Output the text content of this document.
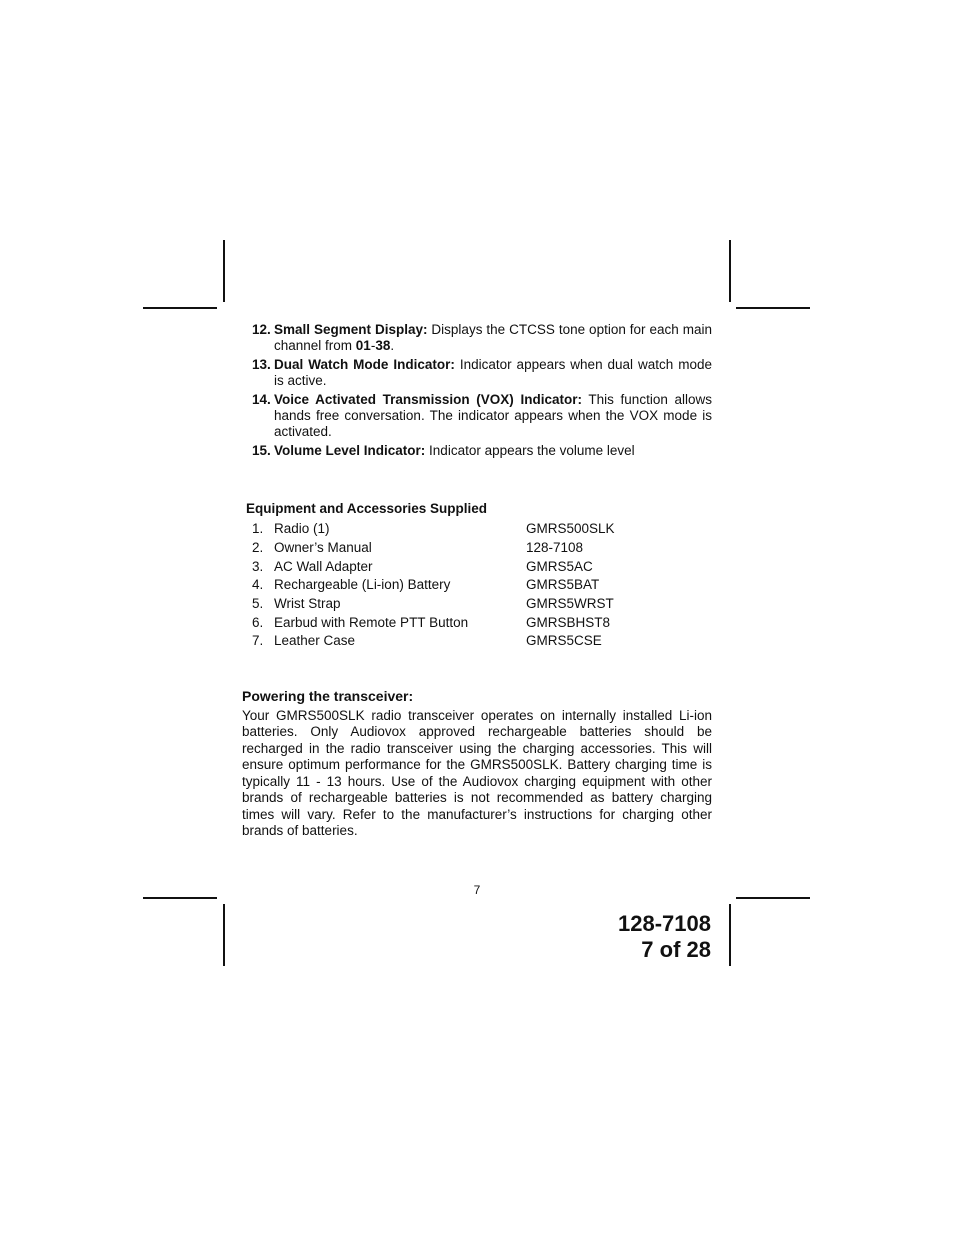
12. Small Segment Display: Displays the CTCSS tone option for each main channel from 01-38.
13. Dual Watch Mode Indicator: Indicator appears when dual watch mode is active.
14. Voice Activated Transmission (VOX) Indicator: This function allows hands free conversation. The indicator appears when the VOX mode is activated.
15. Volume Level Indicator: Indicator appears the volume level
Equipment and Accessories Supplied
1. Radio (1)	GMRS500SLK
2. Owner’s Manual	128-7108
3. AC Wall Adapter	GMRS5AC
4. Rechargeable (Li-ion) Battery	GMRS5BAT
5. Wrist Strap	GMRS5WRST
6. Earbud with Remote PTT Button	GMRSBHST8
7. Leather Case	GMRS5CSE
Powering the transceiver:

Your GMRS500SLK radio transceiver operates on internally installed Li-ion batteries. Only Audiovox approved rechargeable batteries should be recharged in the radio transceiver using the charging accessories. This will ensure optimum performance for the GMRS500SLK. Battery charging time is typically 11 - 13 hours. Use of the Audiovox charging equipment with other brands of rechargeable batteries is not recommended as battery charging times will vary. Refer to the manufacturer’s instructions for charging other brands of batteries.

7
128-7108
7 of 28
